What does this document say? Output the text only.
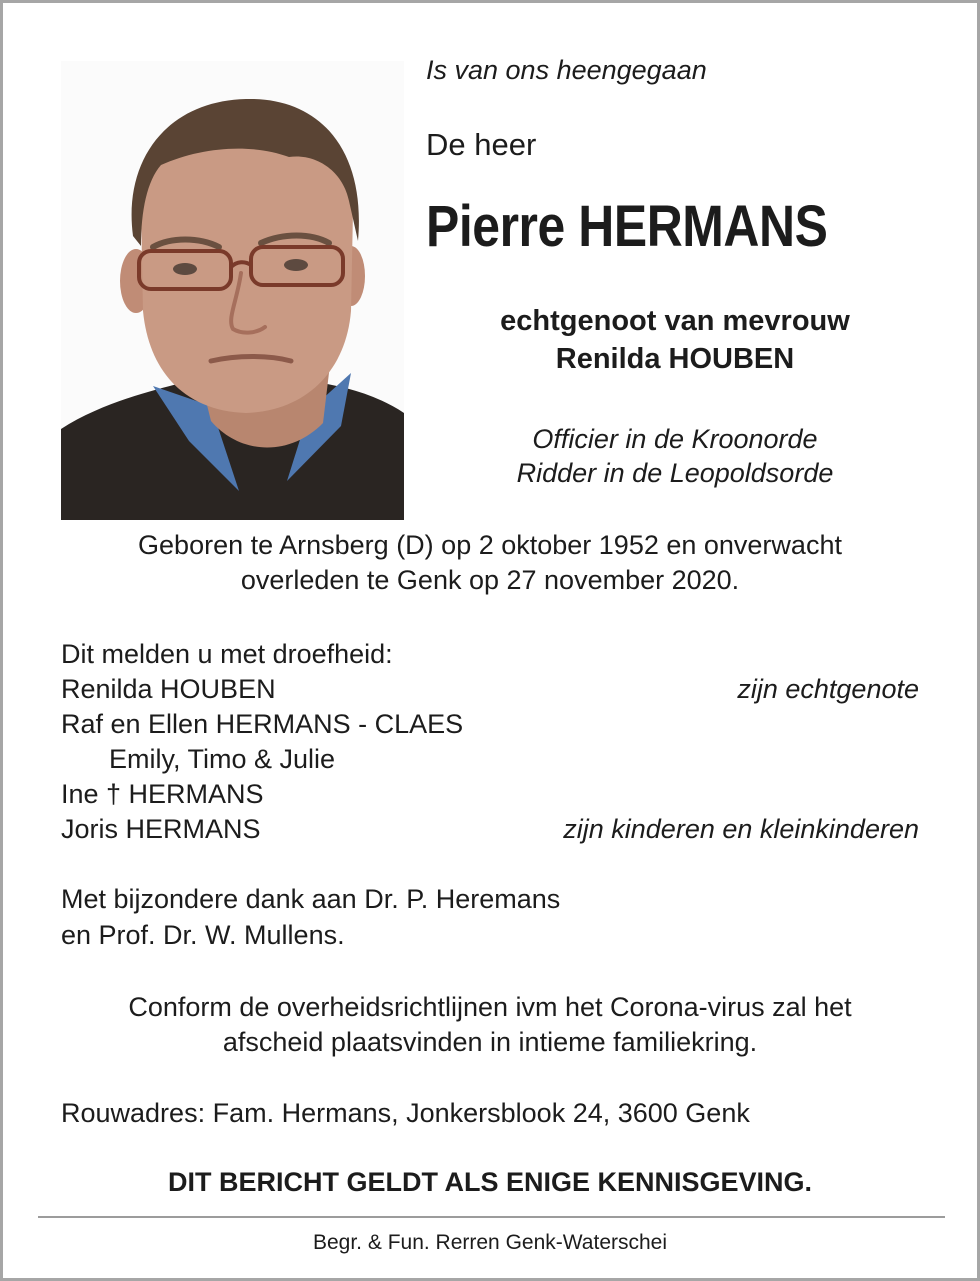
Is van ons heengegaan
De heer
Pierre HERMANS
echtgenoot van mevrouw
Renilda HOUBEN
Officier in de Kroonorde
Ridder in de Leopoldsorde
Geboren te Arnsberg (D) op 2 oktober 1952 en onverwacht
overleden te Genk op 27 november 2020.
Dit melden u met droefheid:
Renilda HOUBEN	zijn echtgenote
Raf en Ellen HERMANS - CLAES
Emily, Timo & Julie
Ine † HERMANS
Joris HERMANS	zijn kinderen en kleinkinderen
Met bijzondere dank aan Dr. P. Heremans
en Prof. Dr. W. Mullens.
Conform de overheidsrichtlijnen ivm het Corona-virus zal het
afscheid plaatsvinden in intieme familiekring.
Rouwadres: Fam. Hermans, Jonkersblook 24, 3600 Genk
DIT BERICHT GELDT ALS ENIGE KENNISGEVING.
Begr. & Fun. Rerren Genk-Waterschei
